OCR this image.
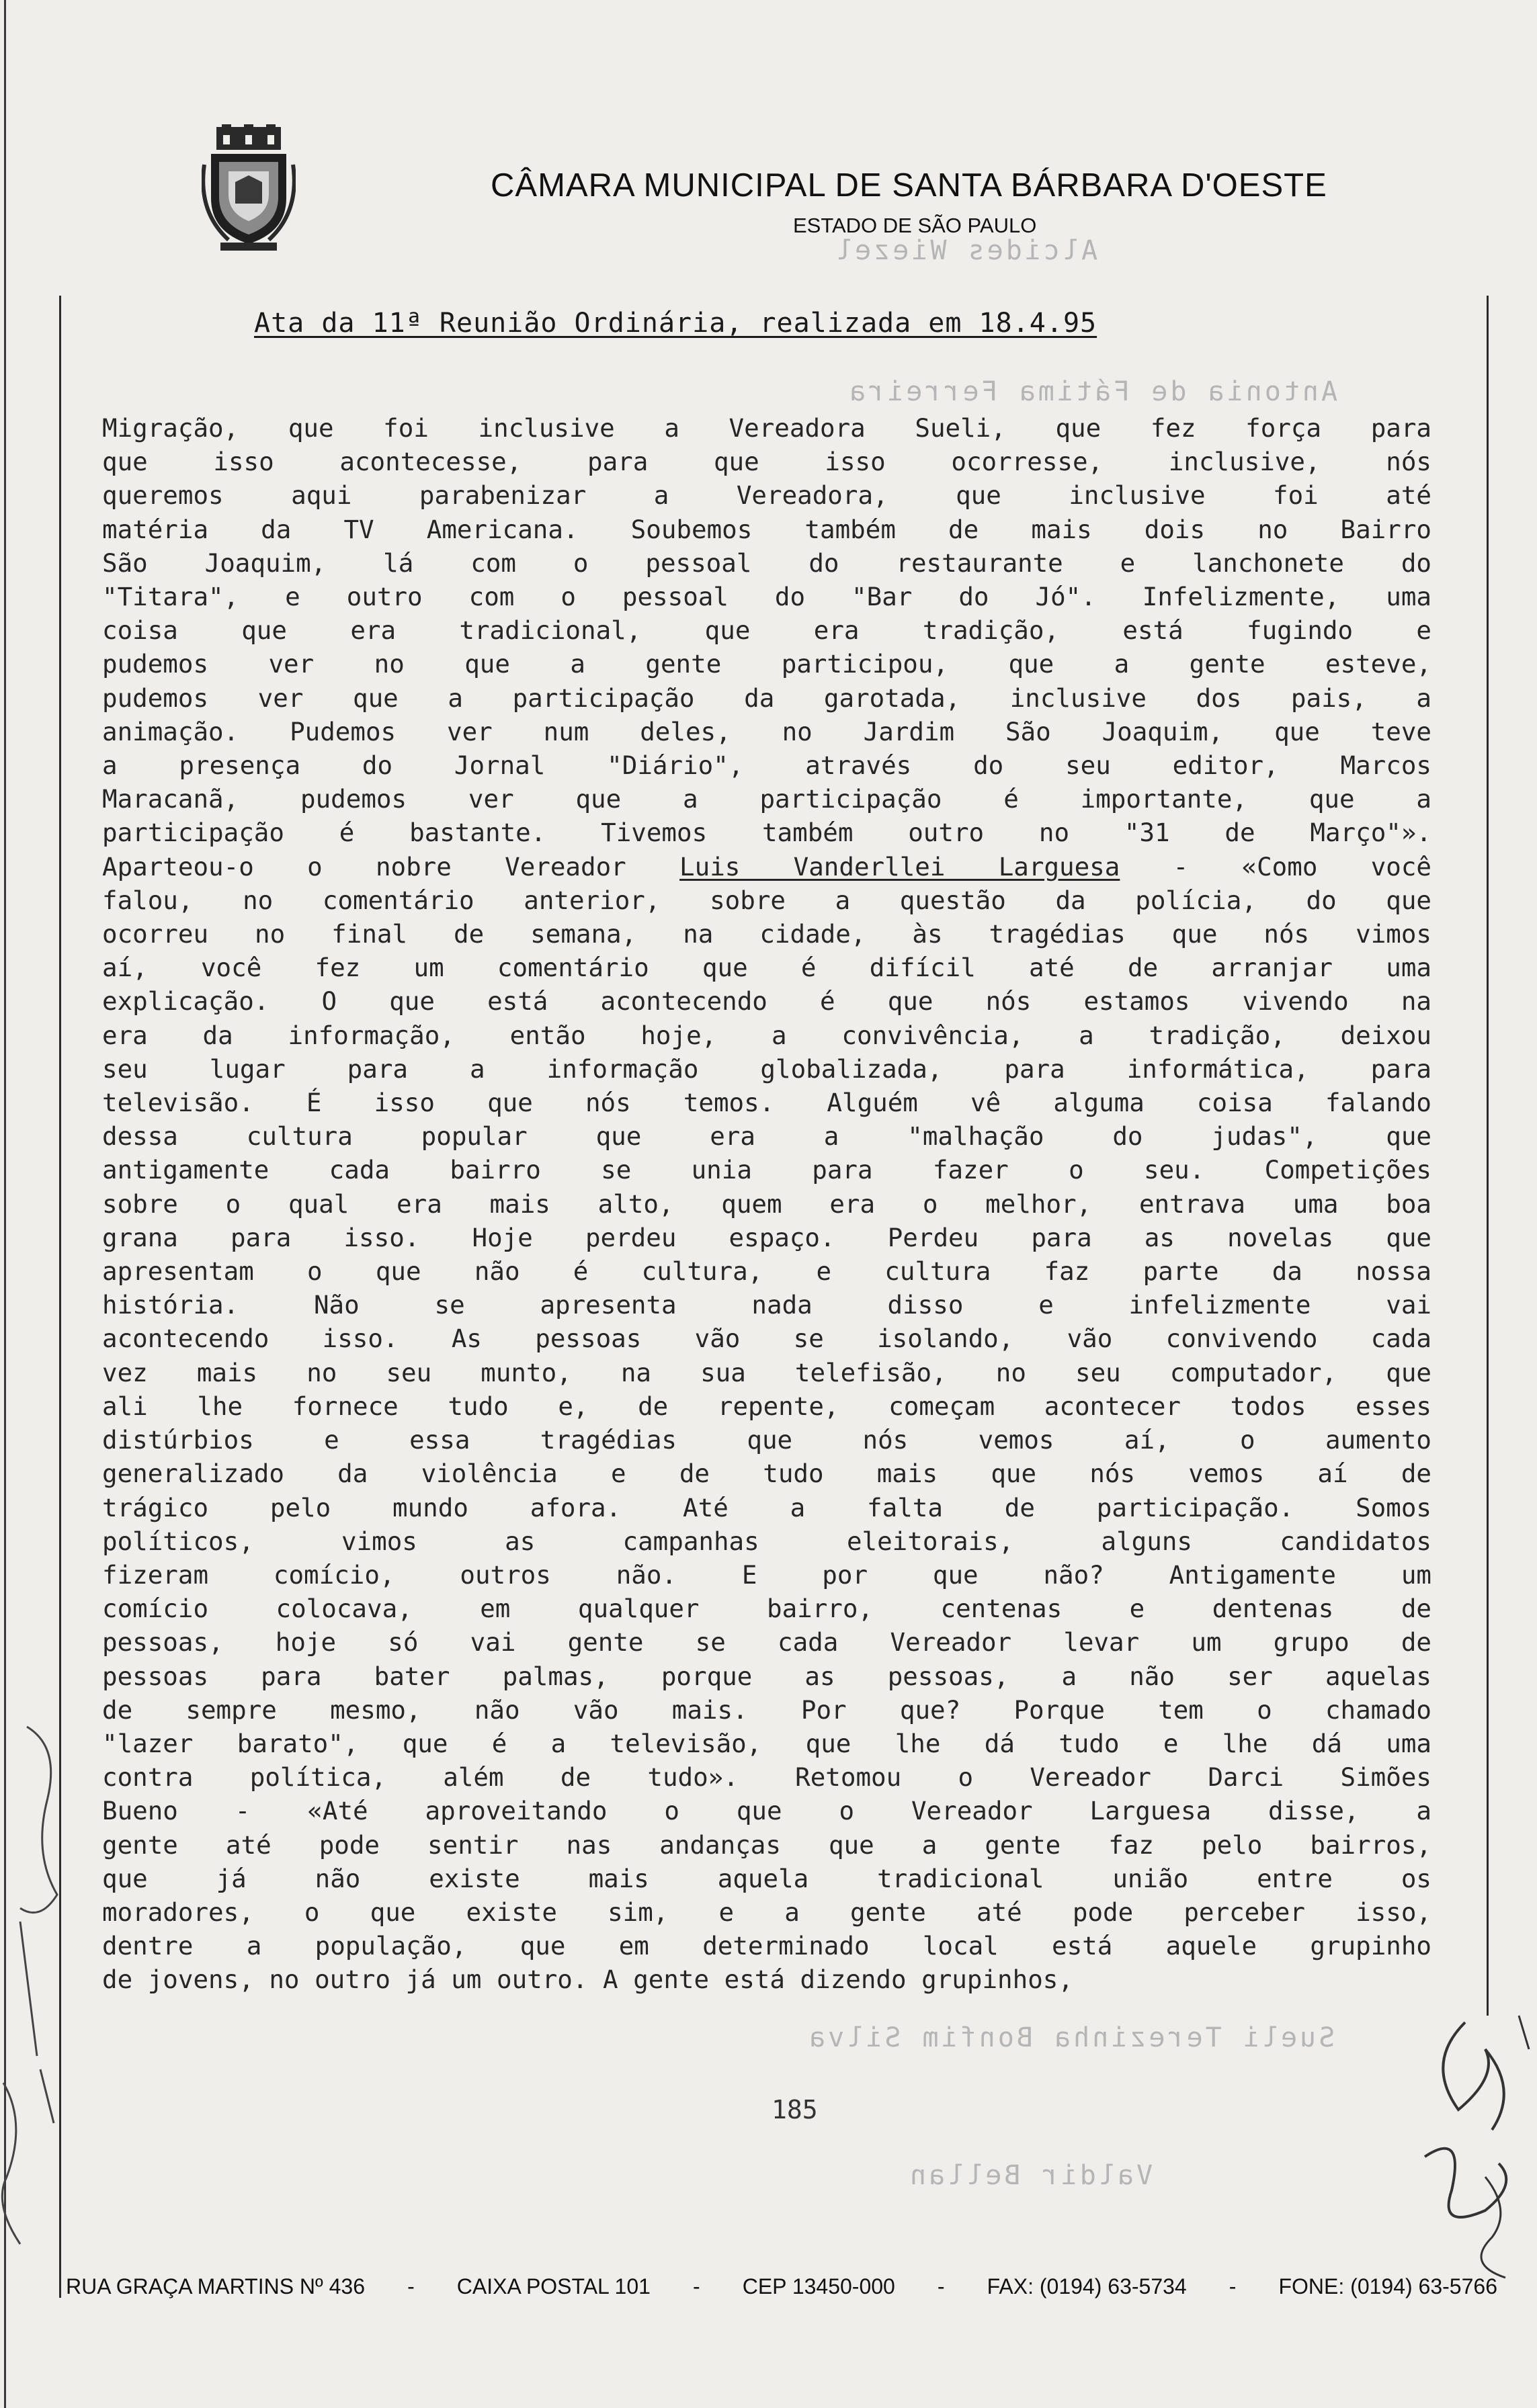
CÂMARA MUNICIPAL DE SANTA BÁRBARA D'OESTE
ESTADO DE SÃO PAULO
Alcides Wiezel
Antonia de Fátima Ferreira
Sueli Terezinha Bonfim Silva
Valdir Bellan
Ata da 11ª Reunião Ordinária, realizada em 18.4.95
Migração, que foi inclusive a Vereadora Sueli, que fez força para
que isso acontecesse, para que isso ocorresse, inclusive, nós
queremos aqui parabenizar a Vereadora, que inclusive foi até
matéria da TV Americana. Soubemos também de mais dois no Bairro
São Joaquim, lá com o pessoal do restaurante e lanchonete do
"Titara", e outro com o pessoal do "Bar do Jó". Infelizmente, uma
coisa que era tradicional, que era tradição, está fugindo e
pudemos ver no que a gente participou, que a gente esteve,
pudemos ver que a participação da garotada, inclusive dos pais, a
animação. Pudemos ver num deles, no Jardim São Joaquim, que teve
a presença do Jornal "Diário", através do seu editor, Marcos
Maracanã, pudemos ver que a participação é importante, que a
participação é bastante. Tivemos também outro no "31 de Março"».
Aparteou-o o nobre Vereador Luis Vanderllei Larguesa - «Como você
falou, no comentário anterior, sobre a questão da polícia, do que
ocorreu no final de semana, na cidade, às tragédias que nós vimos
aí, você fez um comentário que é difícil até de arranjar uma
explicação. O que está acontecendo é que nós estamos vivendo na
era da informação, então hoje, a convivência, a tradição, deixou
seu lugar para a informação globalizada, para informática, para
televisão. É isso que nós temos. Alguém vê alguma coisa falando
dessa cultura popular que era a "malhação do judas", que
antigamente cada bairro se unia para fazer o seu. Competições
sobre o qual era mais alto, quem era o melhor, entrava uma boa
grana para isso. Hoje perdeu espaço. Perdeu para as novelas que
apresentam o que não é cultura, e cultura faz parte da nossa
história. Não se apresenta nada disso e infelizmente vai
acontecendo isso. As pessoas vão se isolando, vão convivendo cada
vez mais no seu munto, na sua telefisão, no seu computador, que
ali lhe fornece tudo e, de repente, começam acontecer todos esses
distúrbios e essa tragédias que nós vemos aí, o aumento
generalizado da violência e de tudo mais que nós vemos aí de
trágico pelo mundo afora. Até a falta de participação. Somos
políticos, vimos as campanhas eleitorais, alguns candidatos
fizeram comício, outros não. E por que não? Antigamente um
comício colocava, em qualquer bairro, centenas e dentenas de
pessoas, hoje só vai gente se cada Vereador levar um grupo de
pessoas para bater palmas, porque as pessoas, a não ser aquelas
de sempre mesmo, não vão mais. Por que? Porque tem o chamado
"lazer barato", que é a televisão, que lhe dá tudo e lhe dá uma
contra política, além de tudo». Retomou o Vereador Darci Simões
Bueno - «Até aproveitando o que o Vereador Larguesa disse, a
gente até pode sentir nas andanças que a gente faz pelo bairros,
que já não existe mais aquela tradicional união entre os
moradores, o que existe sim, e a gente até pode perceber isso,
dentre a população, que em determinado local está aquele grupinho
de jovens, no outro já um outro. A gente está dizendo grupinhos,
185
RUA GRAÇA MARTINS Nº 436 - CAIXA POSTAL 101 - CEP 13450-000 - FAX: (0194) 63-5734 - FONE: (0194) 63-5766
